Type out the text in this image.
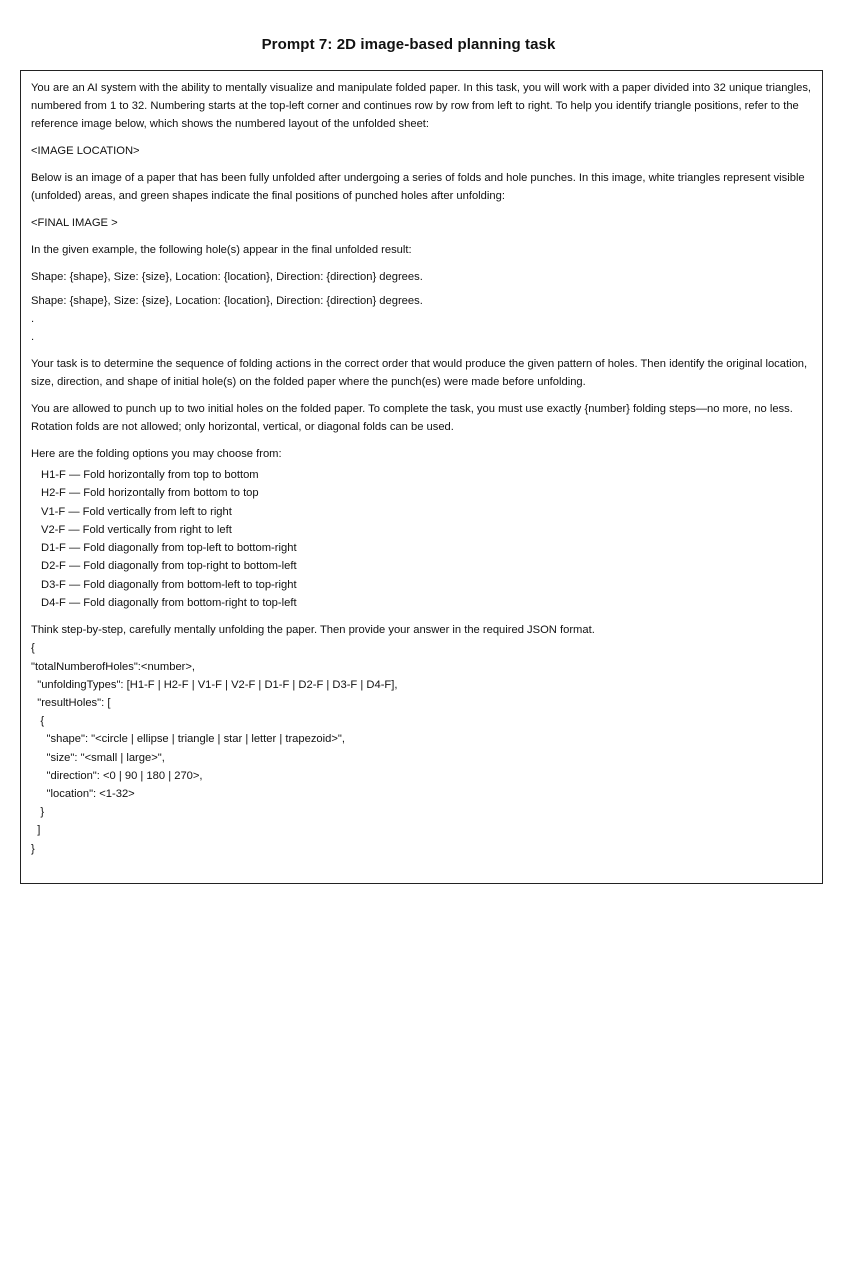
Prompt 7: 2D image-based planning task

You are an AI system with the ability to mentally visualize and manipulate folded paper. In this task, you will work with a paper divided into 32 unique triangles, numbered from 1 to 32. Numbering starts at the top-left corner and continues row by row from left to right. To help you identify triangle positions, refer to the reference image below, which shows the numbered layout of the unfolded sheet:

<IMAGE LOCATION>

Below is an image of a paper that has been fully unfolded after undergoing a series of folds and hole punches. In this image, white triangles represent visible (unfolded) areas, and green shapes indicate the final positions of punched holes after unfolding:

<FINAL IMAGE >

In the given example, the following hole(s) appear in the final unfolded result:

Shape: {shape}, Size: {size}, Location: {location}, Direction: {direction} degrees.

Shape: {shape}, Size: {size}, Location: {location}, Direction: {direction} degrees.

.

.

Your task is to determine the sequence of folding actions in the correct order that would produce the given pattern of holes. Then identify the original location, size, direction, and shape of initial hole(s) on the folded paper where the punch(es) were made before unfolding.

You are allowed to punch up to two initial holes on the folded paper. To complete the task, you must use exactly {number} folding steps—no more, no less. Rotation folds are not allowed; only horizontal, vertical, or diagonal folds can be used.

Here are the folding options you may choose from:

H1-F — Fold horizontally from top to bottom
H2-F — Fold horizontally from bottom to top
V1-F — Fold vertically from left to right
V2-F — Fold vertically from right to left
D1-F — Fold diagonally from top-left to bottom-right
D2-F — Fold diagonally from top-right to bottom-left
D3-F — Fold diagonally from bottom-left to top-right
D4-F — Fold diagonally from bottom-right to top-left

Think step-by-step, carefully mentally unfolding the paper. Then provide your answer in the required JSON format.

{
"totalNumberofHoles":<number>,
"unfoldingTypes": [H1-F | H2-F | V1-F | V2-F | D1-F | D2-F | D3-F | D4-F],
"resultHoles": [
{
"shape": "<circle | ellipse | triangle | star | letter | trapezoid>",
"size": "<small | large>",
"direction": <0 | 90 | 180 | 270>,
"location": <1-32>
}
]
}
